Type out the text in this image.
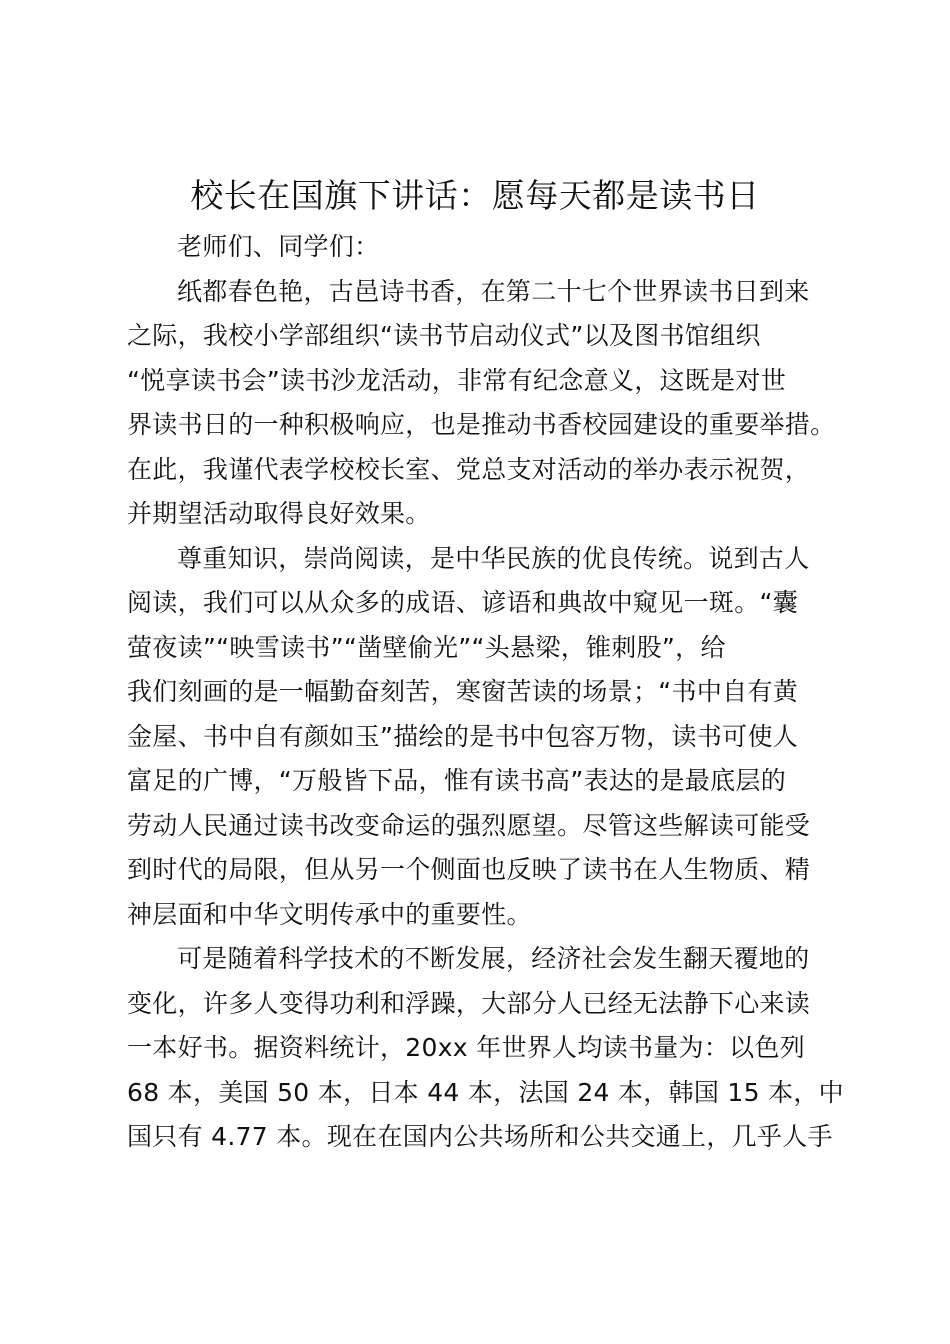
校长在国旗下讲话：愿每天都是读书日
老师们、同学们：
纸都春色艳，古邑诗书香，在第二十七个世界读书日到来
之际，我校小学部组织“读书节启动仪式”以及图书馆组织
“悦享读书会”读书沙龙活动，非常有纪念意义，这既是对世
界读书日的一种积极响应，也是推动书香校园建设的重要举措。
在此，我谨代表学校校长室、党总支对活动的举办表示祝贺，
并期望活动取得良好效果。
尊重知识，崇尚阅读，是中华民族的优良传统。说到古人
阅读，我们可以从众多的成语、谚语和典故中窥见一斑。“囊
萤夜读”“映雪读书”“凿壁偷光”“头悬梁，锥刺股”，给
我们刻画的是一幅勤奋刻苦，寒窗苦读的场景；“书中自有黄
金屋、书中自有颜如玉”描绘的是书中包容万物，读书可使人
富足的广博，“万般皆下品，惟有读书高”表达的是最底层的
劳动人民通过读书改变命运的强烈愿望。尽管这些解读可能受
到时代的局限，但从另一个侧面也反映了读书在人生物质、精
神层面和中华文明传承中的重要性。
可是随着科学技术的不断发展，经济社会发生翻天覆地的
变化，许多人变得功利和浮躁，大部分人已经无法静下心来读
一本好书。据资料统计，20xx 年世界人均读书量为：以色列
68 本，美国 50 本，日本 44 本，法国 24 本，韩国 15 本，中
国只有 4.77 本。现在在国内公共场所和公共交通上，几乎人手
